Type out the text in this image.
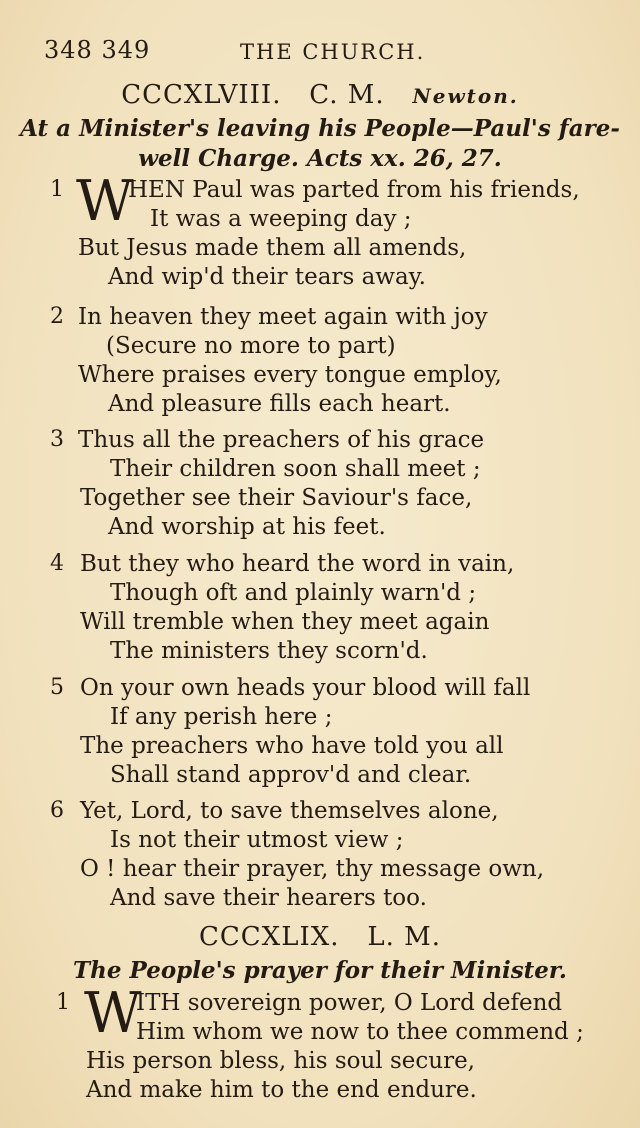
348 349	THE CHURCH.
CCCXLVIII. C. M. Newton.
At a Minister's leaving his People—Paul's fare-
well Charge. Acts xx. 26, 27.
1 W
HEN Paul was parted from his friends,
It was a weeping day ;
But Jesus made them all amends,
And wip'd their tears away.
2 In heaven they meet again with joy
(Secure no more to part)
Where praises every tongue employ,
And pleasure fills each heart.
3 Thus all the preachers of his grace
Their children soon shall meet ;
Together see their Saviour's face,
And worship at his feet.
4 But they who heard the word in vain,
Though oft and plainly warn'd ;
Will tremble when they meet again
The ministers they scorn'd.
5 On your own heads your blood will fall
If any perish here ;
The preachers who have told you all
Shall stand approv'd and clear.
6 Yet, Lord, to save themselves alone,
Is not their utmost view ;
O ! hear their prayer, thy message own,
And save their hearers too.
CCCXLIX. L. M.
The People's prayer for their Minister.
1 W
ITH sovereign power, O Lord defend
Him whom we now to thee commend ;
His person bless, his soul secure,
And make him to the end endure.
